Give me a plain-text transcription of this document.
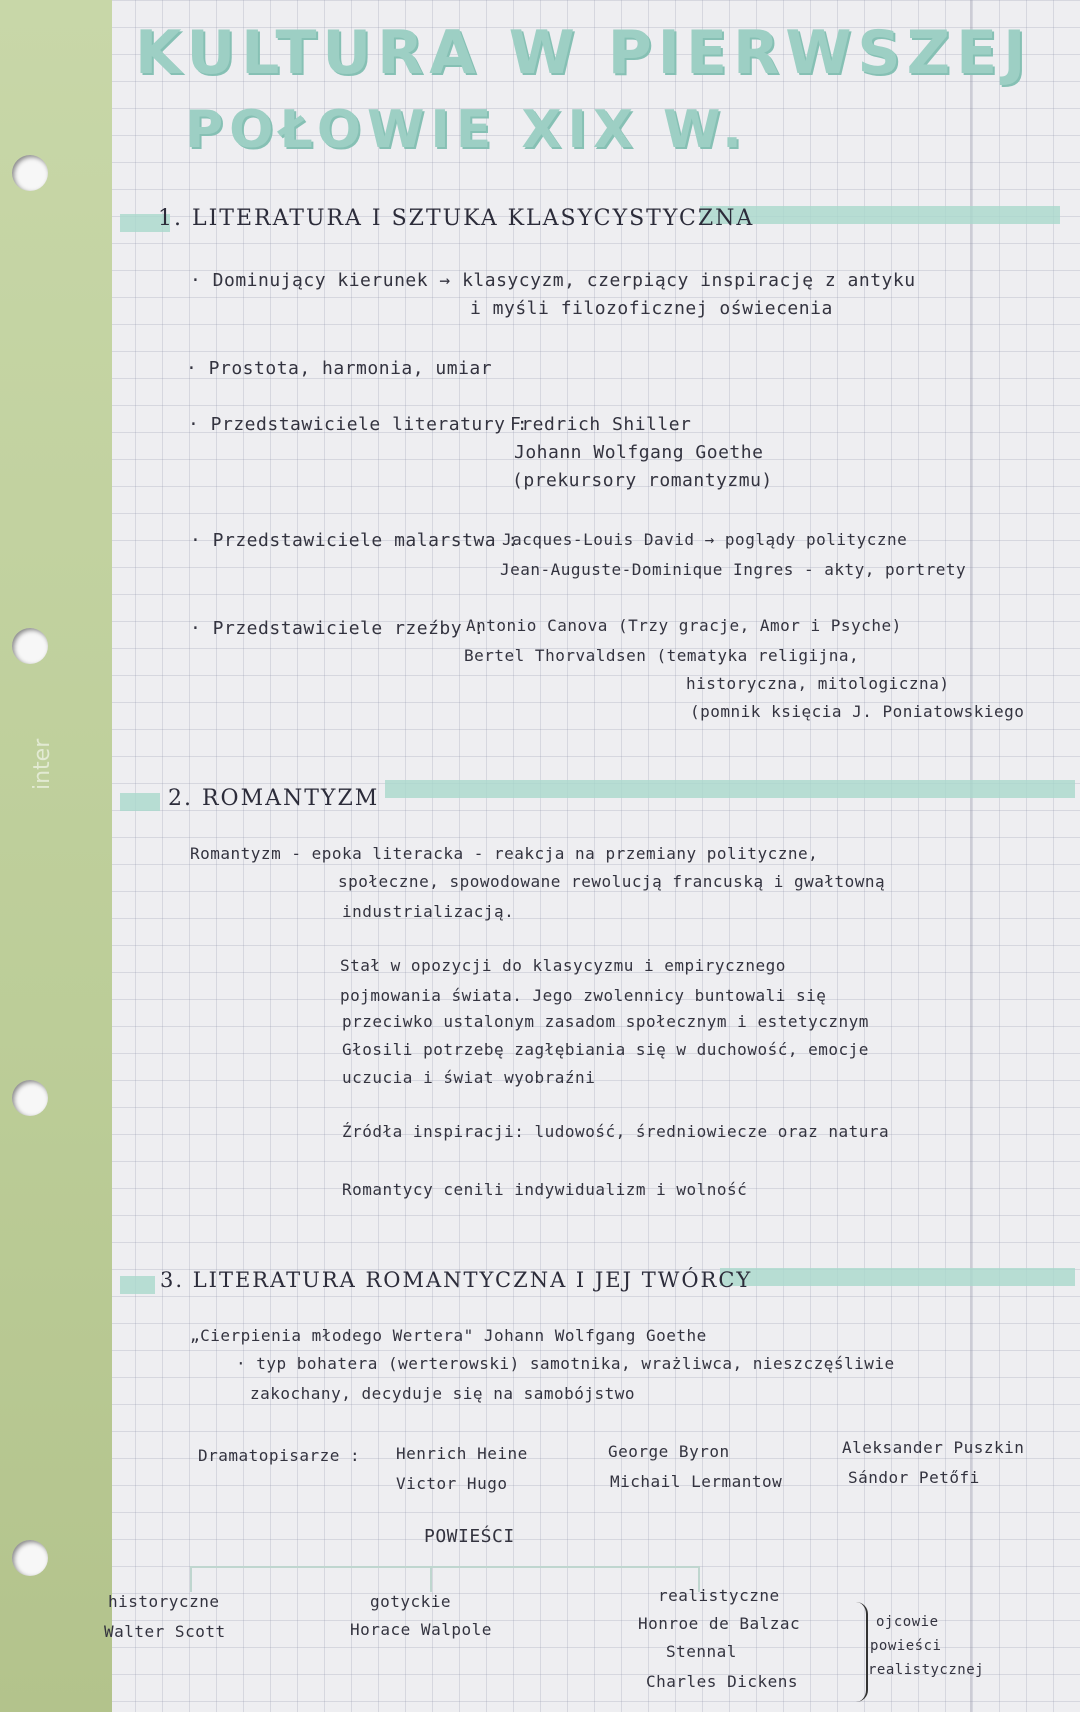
inter
KULTURA W PIERWSZEJ
POŁOWIE XIX W.
1. LITERATURA I SZTUKA KLASYCYSTYCZNA
· Dominujący kierunek → klasycyzm, czerpiący inspirację z antyku
i myśli filozoficznej oświecenia
· Prostota, harmonia, umiar
· Przedstawiciele literatury :
Fredrich Shiller
Johann Wolfgang Goethe
(prekursory romantyzmu)
· Przedstawiciele malarstwa :
Jacques-Louis David → poglądy polityczne
Jean-Auguste-Dominique Ingres - akty, portrety
· Przedstawiciele rzeźby :
Antonio Canova (Trzy gracje, Amor i Psyche)
Bertel Thorvaldsen (tematyka religijna,
historyczna, mitologiczna)
(pomnik księcia J. Poniatowskiego
2. ROMANTYZM
Romantyzm - epoka literacka - reakcja na przemiany polityczne,
społeczne, spowodowane rewolucją francuską i gwałtowną
industrializacją.
Stał w opozycji do klasycyzmu i empirycznego
pojmowania świata. Jego zwolennicy buntowali się
przeciwko ustalonym zasadom społecznym i estetycznym
Głosili potrzebę zagłębiania się w duchowość, emocje
uczucia i świat wyobraźni
Źródła inspiracji: ludowość, średniowiecze oraz natura
Romantycy cenili indywidualizm i wolność
3. LITERATURA ROMANTYCZNA I JEJ TWÓRCY
„Cierpienia młodego Wertera" Johann Wolfgang Goethe
· typ bohatera (werterowski) samotnika, wrażliwca, nieszczęśliwie
zakochany, decyduje się na samobójstwo
Dramatopisarze : Henrich Heine
Victor Hugo
George Byron
Michail Lermantow
Aleksander Puszkin
Sándor Petőfi
POWIEŚCI
historyczne
Walter Scott
gotyckie
Horace Walpole
realistyczne
Honroe de Balzac
Stennal
Charles Dickens
ojcowie
powieści
realistycznej
